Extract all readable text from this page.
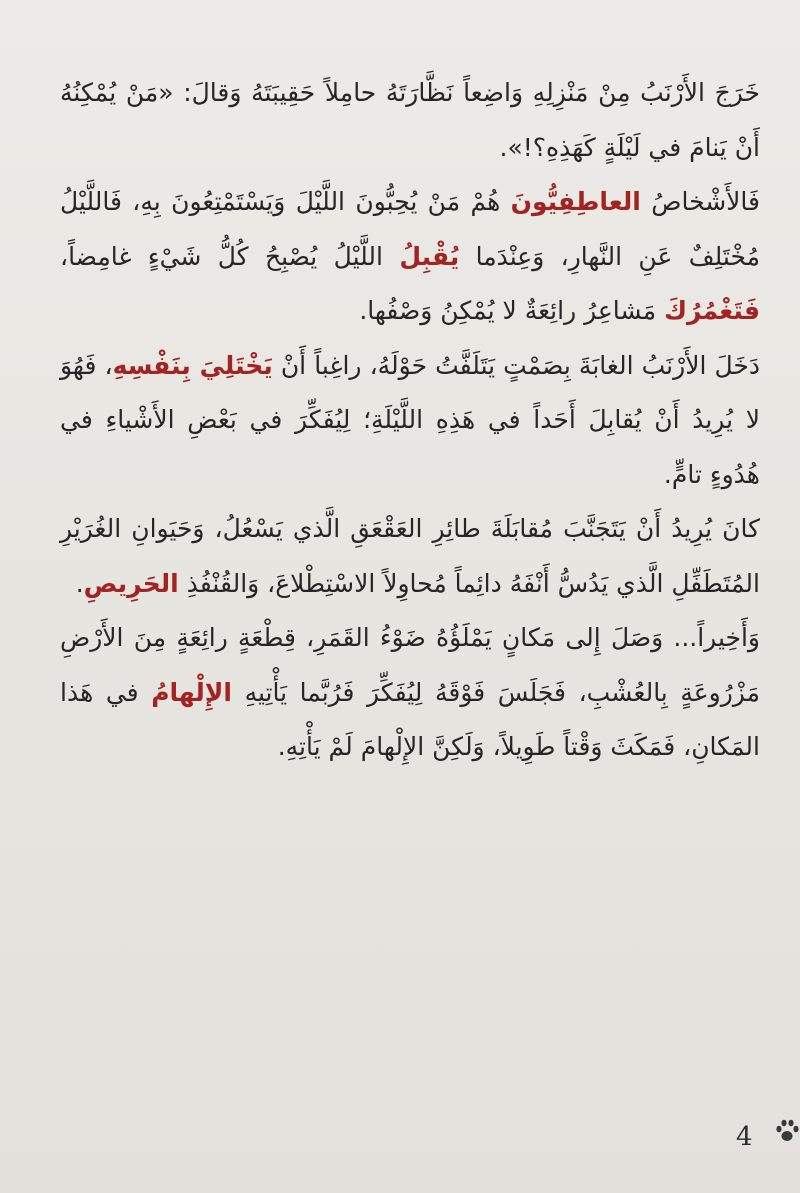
خَرَجَ الأَرْنَبُ مِنْ مَنْزِلِهِ وَاضِعاً نَظَّارَتَهُ حامِلاً حَقِيبَتَهُ وَقالَ: «مَنْ يُمْكِنُهُ أَنْ يَنامَ في لَيْلَةٍ كَهَذِهِ؟!».

فَالأَشْخاصُ العاطِفِيُّونَ هُمْ مَنْ يُحِبُّونَ اللَّيْلَ وَيَسْتَمْتِعُونَ بِهِ، فَاللَّيْلُ مُخْتَلِفٌ عَنِ النَّهارِ، وَعِنْدَما يُقْبِلُ اللَّيْلُ يُصْبِحُ كُلُّ شَيْءٍ غامِضاً، فَتَغْمُرُكَ مَشاعِرُ رائِعَةٌ لا يُمْكِنُ وَصْفُها.

دَخَلَ الأَرْنَبُ الغابَةَ بِصَمْتٍ يَتَلَفَّتُ حَوْلَهُ، راغِباً أَنْ يَخْتَلِيَ بِنَفْسِهِ، فَهُوَ لا يُرِيدُ أَنْ يُقابِلَ أَحَداً في هَذِهِ اللَّيْلَةِ؛ لِيُفَكِّرَ في بَعْضِ الأَشْياءِ في هُدُوءٍ تامٍّ.

كانَ يُرِيدُ أَنْ يَتَجَنَّبَ مُقابَلَةَ طائِرِ العَقْعَقِ الَّذي يَسْعُلُ، وَحَيَوانِ الغُرَيْرِ المُتَطَفِّلِ الَّذي يَدُسُّ أَنْفَهُ دائِماً مُحاوِلاً الاسْتِطْلاعَ، وَالقُنْفُذِ الحَرِيصِ.

وَأَخِيراً... وَصَلَ إِلى مَكانٍ يَمْلَؤُهُ ضَوْءُ القَمَرِ، قِطْعَةٍ رائِعَةٍ مِنَ الأَرْضِ مَزْرُوعَةٍ بِالعُشْبِ، فَجَلَسَ فَوْقَهُ لِيُفَكِّرَ فَرُبَّما يَأْتِيهِ الإِلْهامُ في هَذا المَكانِ، فَمَكَثَ وَقْتاً طَوِيلاً، وَلَكِنَّ الإِلْهامَ لَمْ يَأْتِهِ.

4
